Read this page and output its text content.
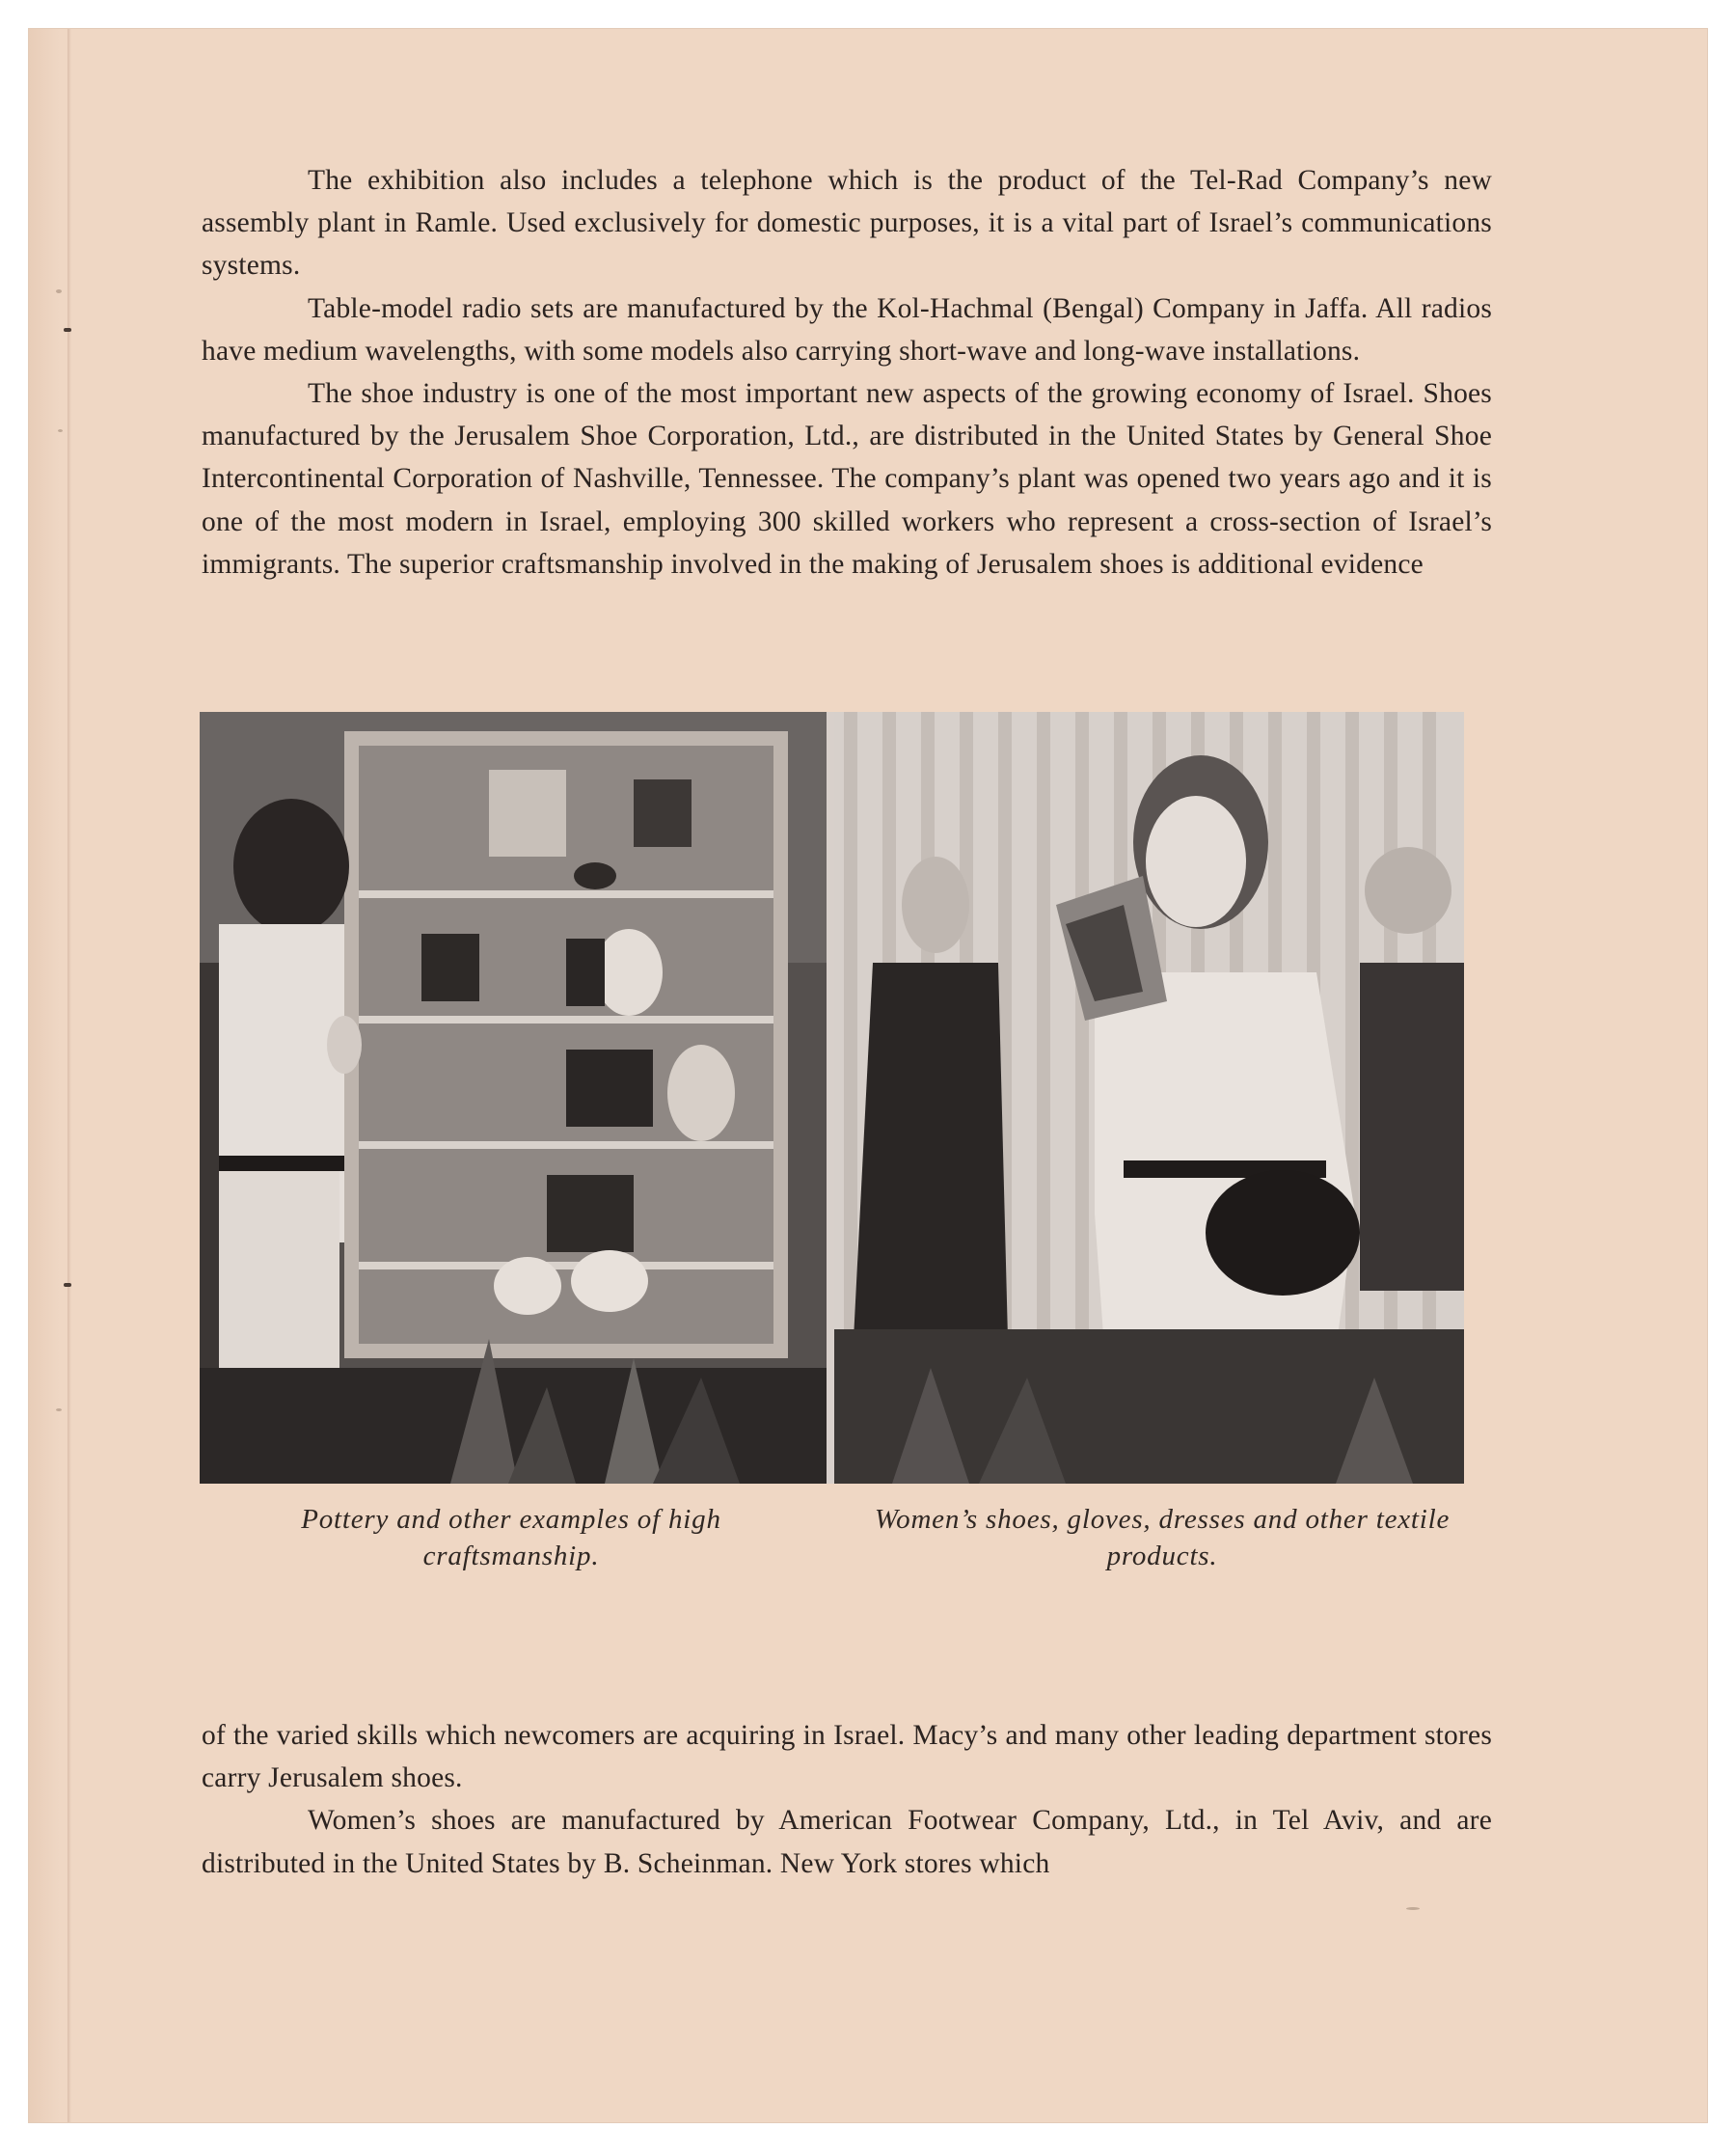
The exhibition also includes a telephone which is the product of the Tel-Rad Company’s new assembly plant in Ramle. Used exclusively for domestic purposes, it is a vital part of Israel’s communications systems.

Table-model radio sets are manufactured by the Kol-Hachmal (Bengal) Company in Jaffa. All radios have medium wavelengths, with some models also carrying short-wave and long-wave installations.

The shoe industry is one of the most important new aspects of the growing economy of Israel. Shoes manufactured by the Jerusalem Shoe Corporation, Ltd., are distributed in the United States by General Shoe Intercontinental Corporation of Nashville, Tennessee. The company’s plant was opened two years ago and it is one of the most modern in Israel, employing 300 skilled workers who represent a cross-section of Israel’s immigrants. The superior craftsmanship involved in the making of Jerusalem shoes is additional evidence

Pottery and other examples of high craftsmanship.
Women’s shoes, gloves, dresses and other textile products.

of the varied skills which newcomers are acquiring in Israel. Macy’s and many other leading department stores carry Jerusalem shoes.

Women’s shoes are manufactured by American Footwear Company, Ltd., in Tel Aviv, and are distributed in the United States by B. Scheinman. New York stores which
